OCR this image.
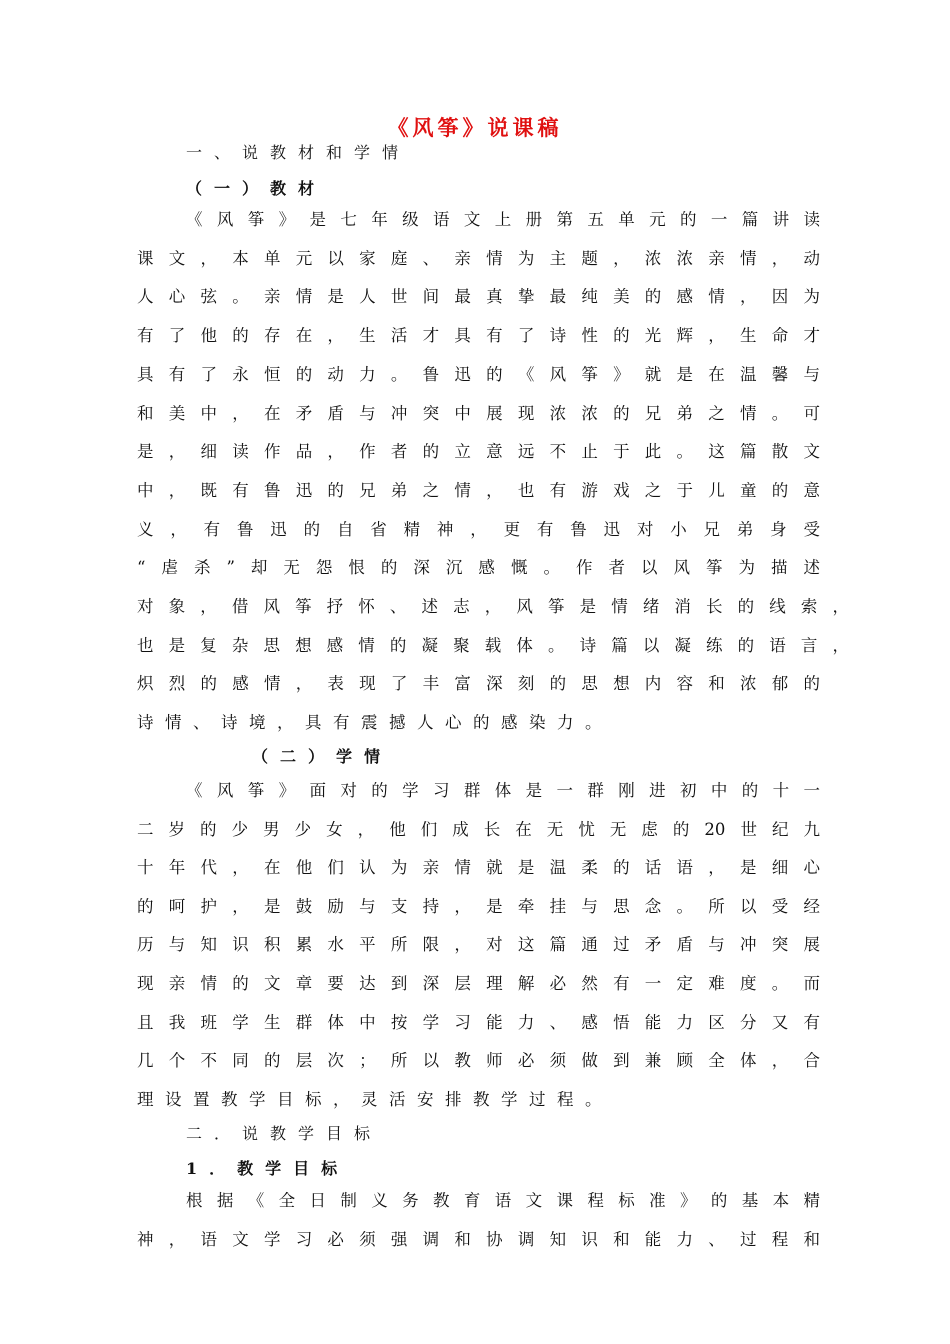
《风筝》说课稿
一、说教材和学情
（一）教材
《风筝》是七年级语文上册第五单元的一篇讲读
课文，本单元以家庭、亲情为主题，浓浓亲情，动
人心弦。亲情是人世间最真挚最纯美的感情，因为
有了他的存在，生活才具有了诗性的光辉，生命才
具有了永恒的动力。鲁迅的《风筝》就是在温馨与
和美中，在矛盾与冲突中展现浓浓的兄弟之情。可
是，细读作品，作者的立意远不止于此。这篇散文
中，既有鲁迅的兄弟之情，也有游戏之于儿童的意
义，有鲁迅的自省精神，更有鲁迅对小兄弟身受
“虐杀”却无怨恨的深沉感慨。作者以风筝为描述
对象，借风筝抒怀、述志，风筝是情绪消长的线索，
也是复杂思想感情的凝聚载体。诗篇以凝练的语言，
炽烈的感情，表现了丰富深刻的思想内容和浓郁的
诗情、诗境，具有震撼人心的感染力。
（二）学情
《风筝》面对的学习群体是一群刚进初中的十一
二岁的少男少女，他们成长在无忧无虑的20世纪九
十年代，在他们认为亲情就是温柔的话语，是细心
的呵护，是鼓励与支持，是牵挂与思念。所以受经
历与知识积累水平所限，对这篇通过矛盾与冲突展
现亲情的文章要达到深层理解必然有一定难度。而
且我班学生群体中按学习能力、感悟能力区分又有
几个不同的层次；所以教师必须做到兼顾全体，合
理设置教学目标，灵活安排教学过程。
二．说教学目标
1．教学目标
根据《全日制义务教育语文课程标准》的基本精
神，语文学习必须强调和协调知识和能力、过程和
